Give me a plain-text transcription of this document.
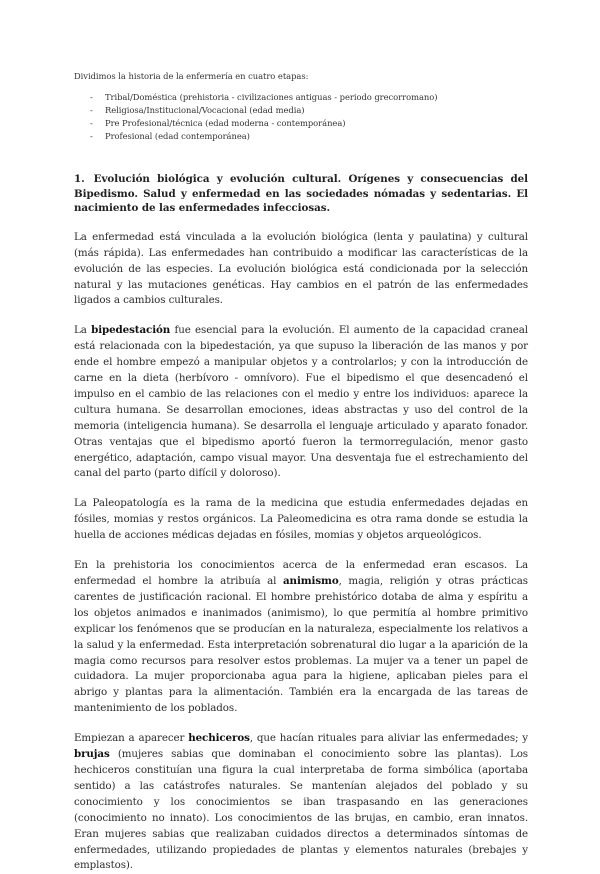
Dividimos la historia de la enfermería en cuatro etapas:

- Tribal/Doméstica (prehistoria - civilizaciones antiguas - periodo grecorromano)
- Religiosa/Institucional/Vocacional (edad media)
- Pre Profesional/técnica (edad moderna - contemporánea)
- Profesional (edad contemporánea)
1. Evolución biológica y evolución cultural. Orígenes y consecuencias del Bipedismo. Salud y enfermedad en las sociedades nómadas y sedentarias. El nacimiento de las enfermedades infecciosas.

La enfermedad está vinculada a la evolución biológica (lenta y paulatina) y cultural (más rápida). Las enfermedades han contribuido a modificar las características de la evolución de las especies. La evolución biológica está condicionada por la selección natural y las mutaciones genéticas. Hay cambios en el patrón de las enfermedades ligados a cambios culturales.

La bipedestación fue esencial para la evolución. El aumento de la capacidad craneal está relacionada con la bipedestación, ya que supuso la liberación de las manos y por ende el hombre empezó a manipular objetos y a controlarlos; y con la introducción de carne en la dieta (herbívoro - omnívoro). Fue el bipedismo el que desencadenó el impulso en el cambio de las relaciones con el medio y entre los individuos: aparece la cultura humana. Se desarrollan emociones, ideas abstractas y uso del control de la memoria (inteligencia humana). Se desarrolla el lenguaje articulado y aparato fonador. Otras ventajas que el bipedismo aportó fueron la termorregulación, menor gasto energético, adaptación, campo visual mayor. Una desventaja fue el estrechamiento del canal del parto (parto difícil y doloroso).

La Paleopatología es la rama de la medicina que estudia enfermedades dejadas en fósiles, momias y restos orgánicos. La Paleomedicina es otra rama donde se estudia la huella de acciones médicas dejadas en fósiles, momias y objetos arqueológicos.

En la prehistoria los conocimientos acerca de la enfermedad eran escasos. La enfermedad el hombre la atribuía al animismo, magia, religión y otras prácticas carentes de justificación racional. El hombre prehistórico dotaba de alma y espíritu a los objetos animados e inanimados (animismo), lo que permitía al hombre primitivo explicar los fenómenos que se producían en la naturaleza, especialmente los relativos a la salud y la enfermedad. Esta interpretación sobrenatural dio lugar a la aparición de la magia como recursos para resolver estos problemas. La mujer va a tener un papel de cuidadora. La mujer proporcionaba agua para la higiene, aplicaban pieles para el abrigo y plantas para la alimentación. También era la encargada de las tareas de mantenimiento de los poblados.

Empiezan a aparecer hechiceros, que hacían rituales para aliviar las enfermedades; y brujas (mujeres sabias que dominaban el conocimiento sobre las plantas). Los hechiceros constituían una figura la cual interpretaba de forma simbólica (aportaba sentido) a las catástrofes naturales. Se mantenían alejados del poblado y su conocimiento y los conocimientos se iban traspasando en las generaciones (conocimiento no innato). Los conocimientos de las brujas, en cambio, eran innatos. Eran mujeres sabias que realizaban cuidados directos a determinados síntomas de enfermedades, utilizando propiedades de plantas y elementos naturales (brebajes y emplastos).
